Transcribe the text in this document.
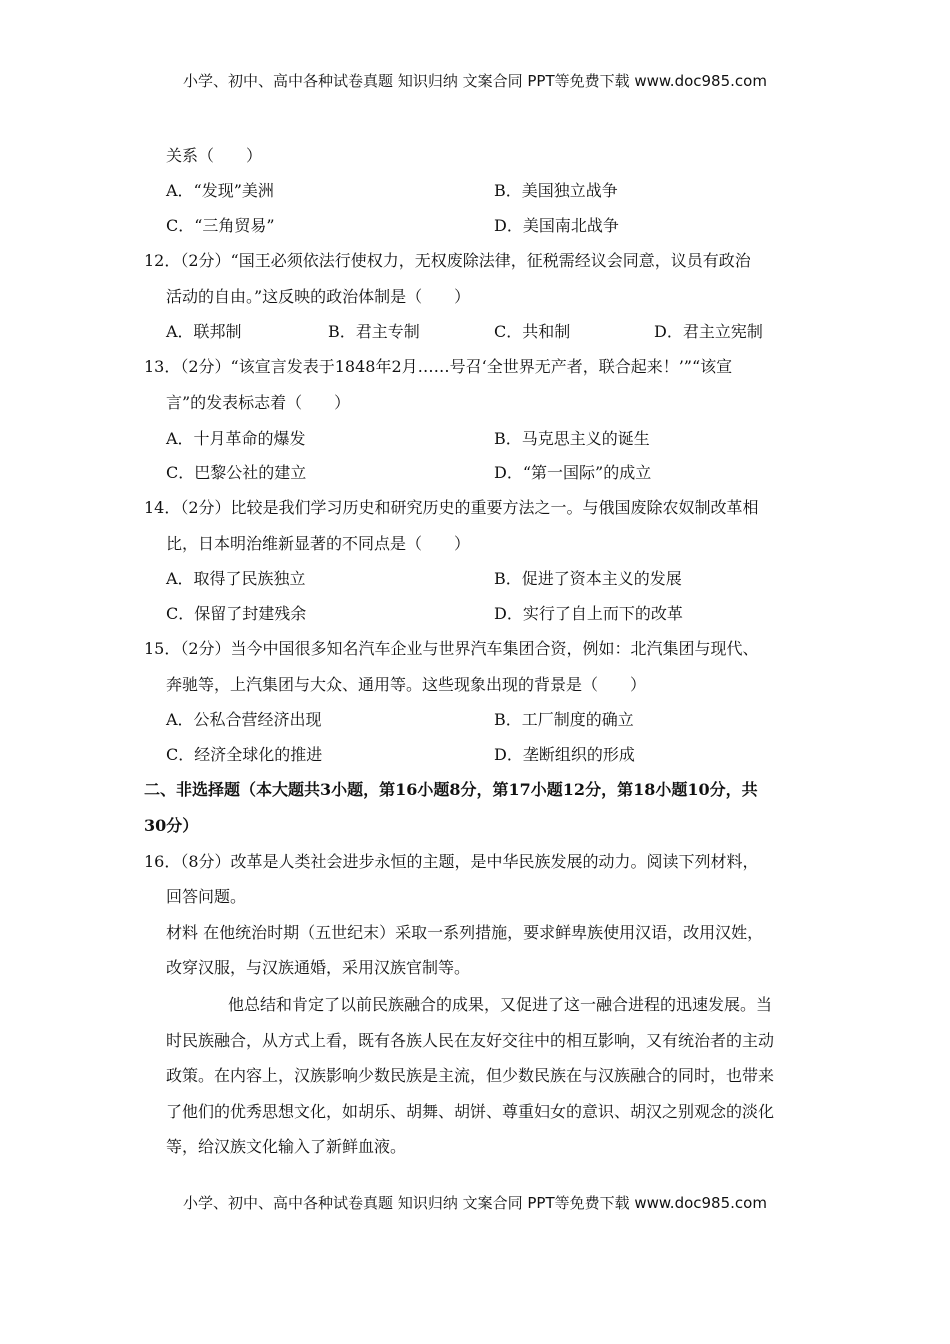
小学、初中、高中各种试卷真题 知识归纳 文案合同 PPT等免费下载 www.doc985.com
关系（　　）
A．“发现”美洲	B．美国独立战争
C．“三角贸易”	D．美国南北战争
12．（2分）“国王必须依法行使权力，无权废除法律，征税需经议会同意，议员有政治
活动的自由。”这反映的政治体制是（　　）
A．联邦制	B．君主专制	C．共和制	D．君主立宪制
13．（2分）“该宣言发表于1848年2月……号召‘全世界无产者，联合起来！’”“该宣
言”的发表标志着（　　）
A．十月革命的爆发	B．马克思主义的诞生
C．巴黎公社的建立	D．“第一国际”的成立
14．（2分）比较是我们学习历史和研究历史的重要方法之一。与俄国废除农奴制改革相
比，日本明治维新显著的不同点是（　　）
A．取得了民族独立	B．促进了资本主义的发展
C．保留了封建残余	D．实行了自上而下的改革
15．（2分）当今中国很多知名汽车企业与世界汽车集团合资，例如：北汽集团与现代、
奔驰等，上汽集团与大众、通用等。这些现象出现的背景是（　　）
A．公私合营经济出现	B．工厂制度的确立
C．经济全球化的推进	D．垄断组织的形成
二、非选择题（本大题共3小题，第16小题8分，第17小题12分，第18小题10分，共
30分）
16．（8分）改革是人类社会进步永恒的主题，是中华民族发展的动力。阅读下列材料，
回答问题。
材料 在他统治时期（五世纪末）采取一系列措施，要求鲜卑族使用汉语，改用汉姓，
改穿汉服，与汉族通婚，采用汉族官制等。
他总结和肯定了以前民族融合的成果，又促进了这一融合进程的迅速发展。当
时民族融合，从方式上看，既有各族人民在友好交往中的相互影响，又有统治者的主动
政策。在内容上，汉族影响少数民族是主流，但少数民族在与汉族融合的同时，也带来
了他们的优秀思想文化，如胡乐、胡舞、胡饼、尊重妇女的意识、胡汉之别观念的淡化
等，给汉族文化输入了新鲜血液。
小学、初中、高中各种试卷真题 知识归纳 文案合同 PPT等免费下载 www.doc985.com
